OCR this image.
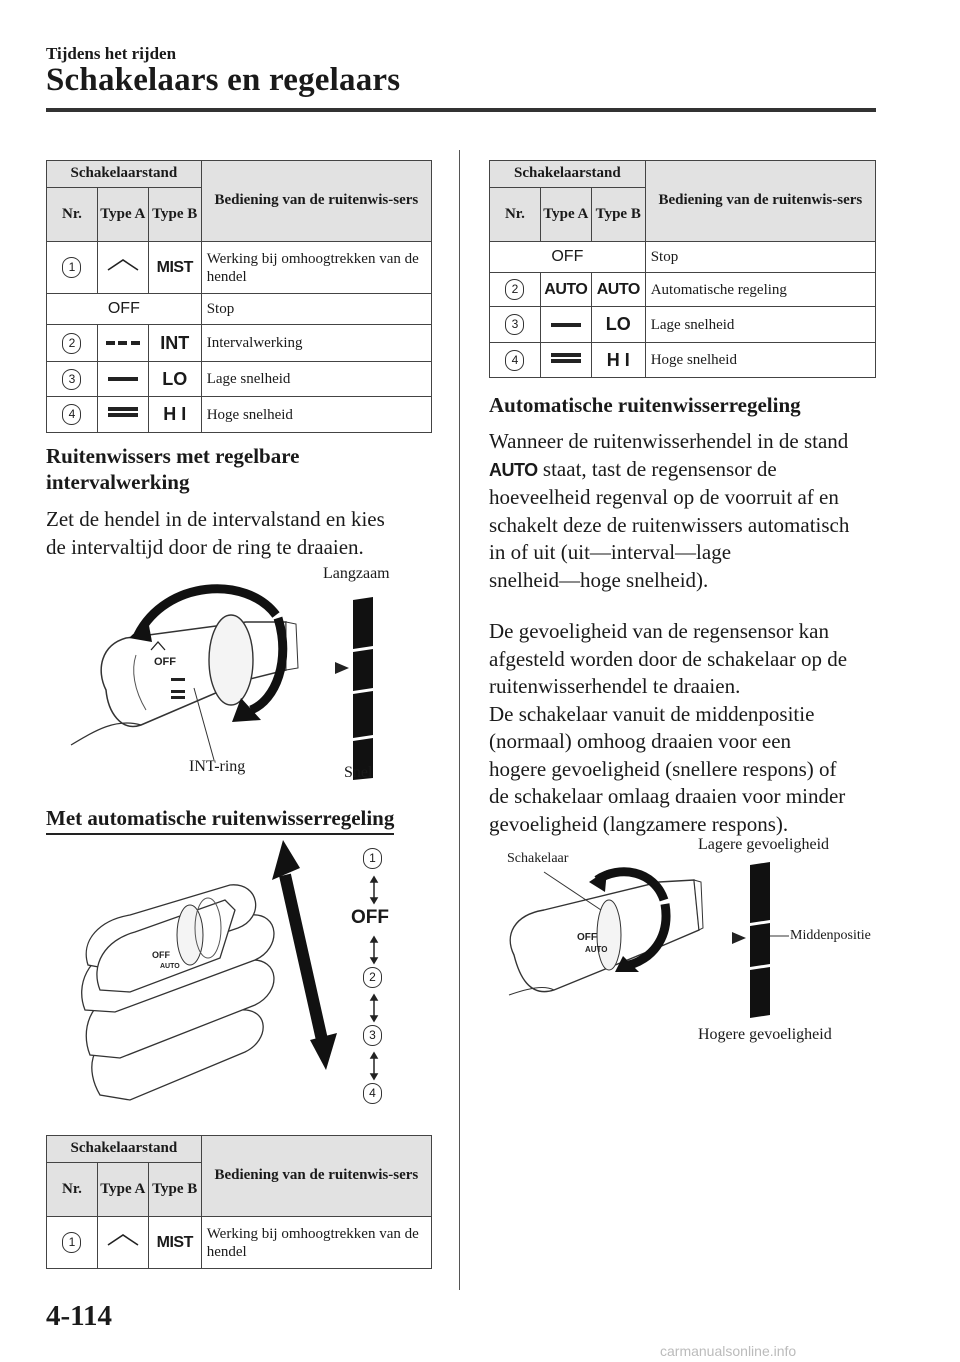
Tijdens het rijden
Schakelaars en regelaars
Schakelaarstand			Bediening van de ruitenwis-sers
Nr.	Type A	Type B	
1		MIST	Werking bij omhoogtrekken van de hendel
OFF			Stop
2		INT	Intervalwerking
3		LO	Lage snelheid
4		H I	Hoge snelheid
Ruitenwissers met regelbare
intervalwerking
Zet de hendel in de intervalstand en kies
de intervaltijd door de ring te draaien.
OFF
Langzaam
INT-ring	Snel
Met automatische ruitenwisserregeling
OFF
AUTO
1
OFF
2
3
4
Schakelaarstand			Bediening van de ruitenwis-sers
Nr.	Type A	Type B	
1		MIST	Werking bij omhoogtrekken van de hendel
Schakelaarstand			Bediening van de ruitenwis-sers
Nr.	Type A	Type B	
OFF			Stop
2	AUTO	AUTO	Automatische regeling
3		LO	Lage snelheid
4		H I	Hoge snelheid
Automatische ruitenwisserregeling
Wanneer de ruitenwisserhendel in de stand
AUTO staat, tast de regensensor de
hoeveelheid regenval op de voorruit af en
schakelt deze de ruitenwissers automatisch
in of uit (uit―interval―lage
snelheid―hoge snelheid).
De gevoeligheid van de regensensor kan
afgesteld worden door de schakelaar op de
ruitenwisserhendel te draaien.
De schakelaar vanuit de middenpositie
(normaal) omhoog draaien voor een
hogere gevoeligheid (snellere respons) of
de schakelaar omlaag draaien voor minder
gevoeligheid (langzamere respons).
Lagere gevoeligheid
Schakelaar
OFF
AUTO
Middenpositie
Hogere gevoeligheid
4-114
carmanualsonline.info
